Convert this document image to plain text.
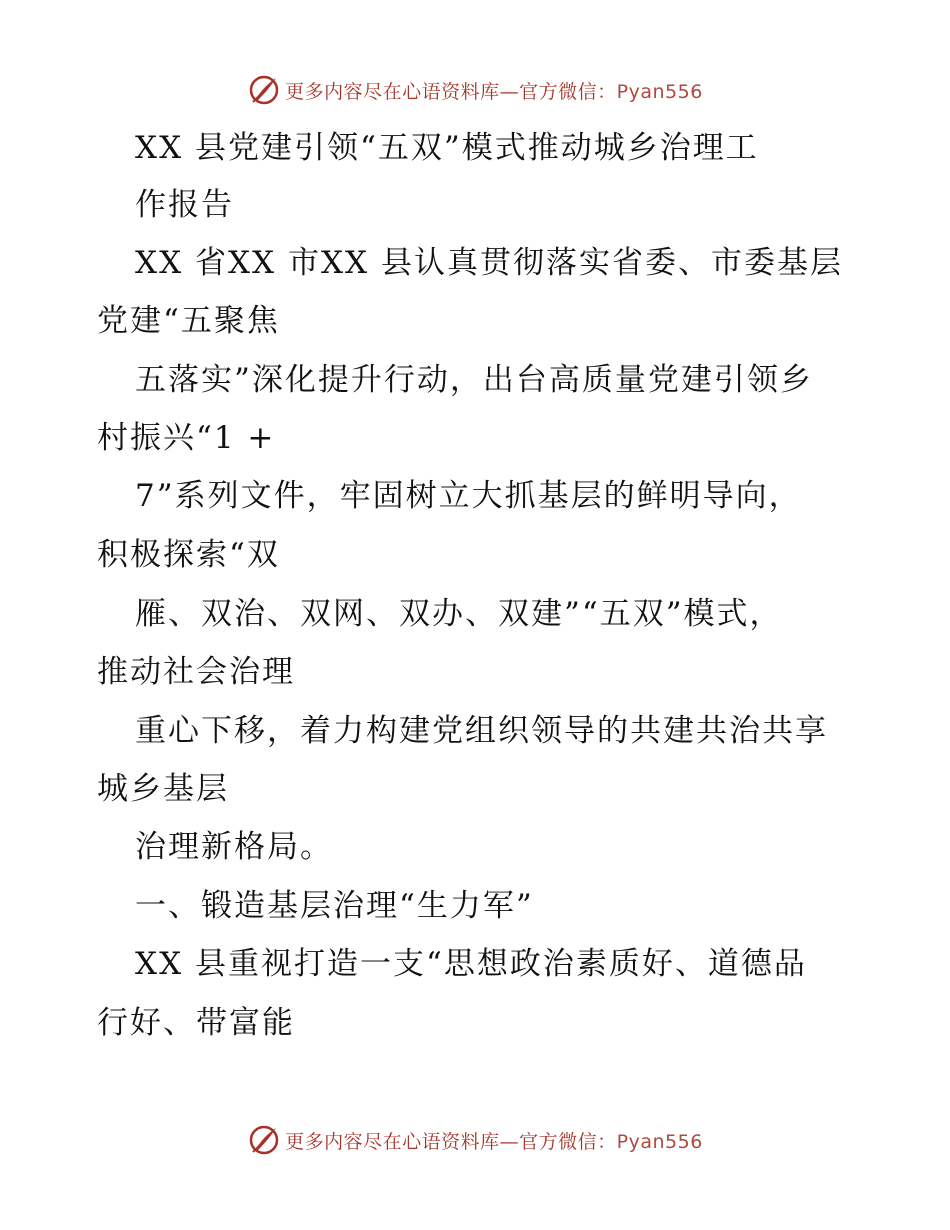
更多内容尽在心语资料库—官方微信：Pyan556
XX 县党建引领“五双”模式推动城乡治理工
作报告
XX 省XX 市XX 县认真贯彻落实省委、市委基层
党建“五聚焦
五落实”深化提升行动，出台高质量党建引领乡
村振兴“1 +
7”系列文件，牢固树立大抓基层的鲜明导向，
积极探索“双
雁、双治、双网、双办、双建”“五双”模式，
推动社会治理
重心下移，着力构建党组织领导的共建共治共享
城乡基层
治理新格局。
一、锻造基层治理“生力军”
XX 县重视打造一支“思想政治素质好、道德品
行好、带富能
更多内容尽在心语资料库—官方微信：Pyan556
